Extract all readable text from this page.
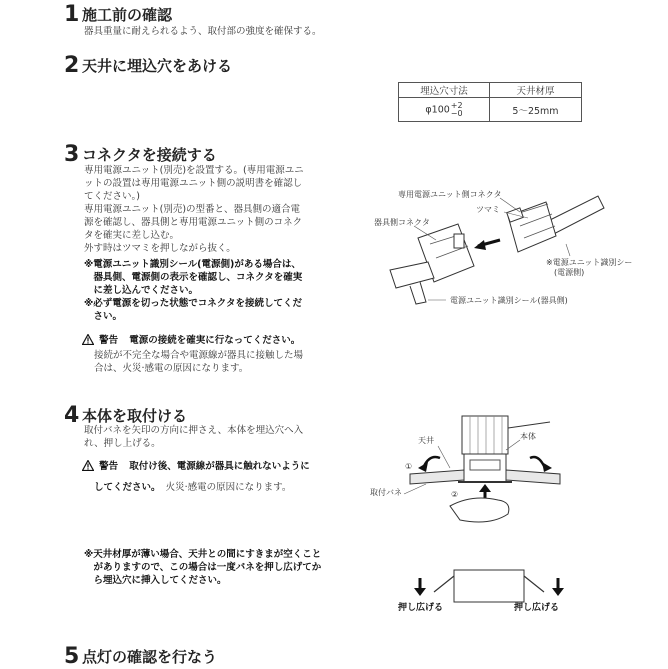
1 施工前の確認
器具重量に耐えられるよう、取付部の強度を確保する。
2 天井に埋込穴をあける
埋込穴寸法	天井材厚
φ100 +2
−0	5〜25mm
3 コネクタを接続する
専用電源ユニット(別売)を設置する。(専用電源ユニ
ットの設置は専用電源ユニット側の説明書を確認し
てください。)
専用電源ユニット(別売)の型番と、器具側の適合電
源を確認し、器具側と専用電源ユニット側のコネク
タを確実に差し込む。
外す時はツマミを押しながら抜く。
※電源ユニット識別シール(電源側)がある場合は、
　器具側、電源側の表示を確認し、コネクタを確実
　に差し込んでください。
※必ず電源を切った状態でコネクタを接続してくだ
　さい。
警告 電源の接続を確実に行なってください。
接続が不完全な場合や電源線が器具に接触した場
合は、火災·感電の原因になります。
専用電源ユニット側コネクタ
ツマミ
器具側コネクタ
※電源ユニット識別シー
(電源側)
電源ユニット識別シール(器具側)
4 本体を取付ける
取付バネを矢印の方向に押さえ、本体を埋込穴へ入
れ、押し上げる。
警告 取付け後、電源線が器具に触れないように
してください。 火災·感電の原因になります。
天井	本体
①
②
取付バネ
※天井材厚が薄い場合、天井との間にすきまが空くこと
　がありますので、この場合は一度バネを押し広げてか
　ら埋込穴に挿入してください。
押し広げる	押し広げる
5 点灯の確認を行なう
